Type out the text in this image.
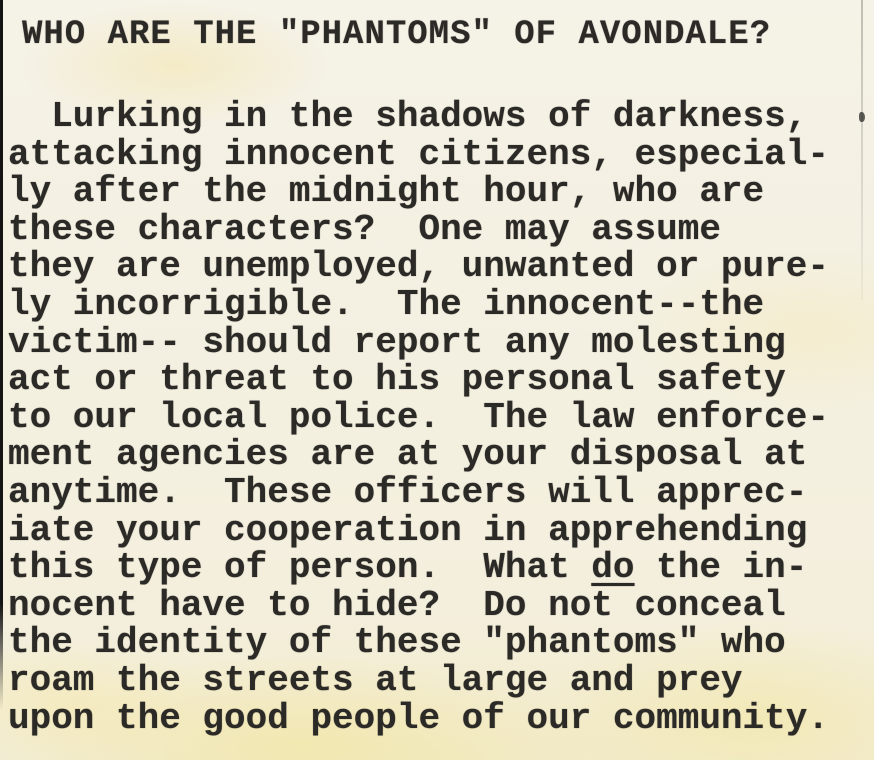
WHO ARE THE "PHANTOMS" OF AVONDALE?
Lurking in the shadows of darkness,
attacking innocent citizens, especial-
ly after the midnight hour, who are
these characters?  One may assume
they are unemployed, unwanted or pure-
ly incorrigible.  The innocent--the
victim-- should report any molesting
act or threat to his personal safety
to our local police.  The law enforce-
ment agencies are at your disposal at
anytime.  These officers will apprec-
iate your cooperation in apprehending
this type of person.  What do the in-
nocent have to hide?  Do not conceal
the identity of these "phantoms" who
roam the streets at large and prey
upon the good people of our community.
